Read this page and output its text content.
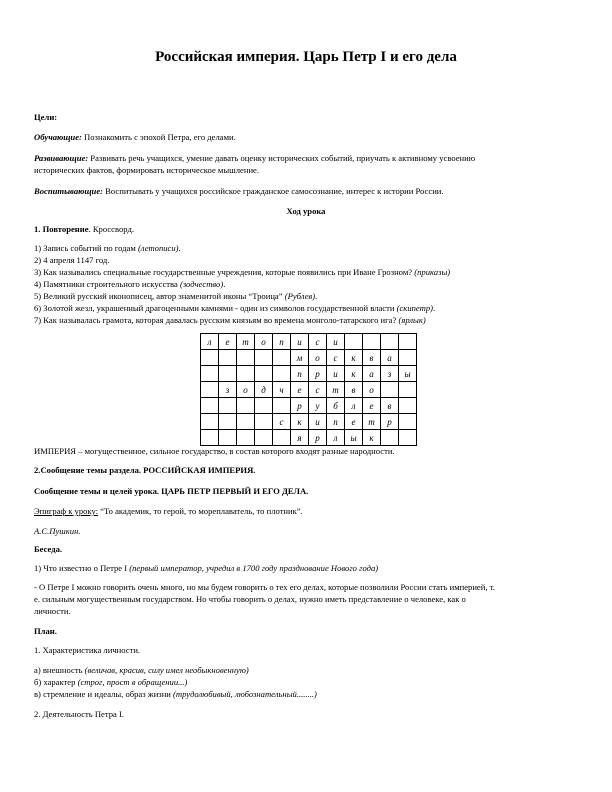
Российская империя. Царь Петр I и его дела
Цели:
Обучающие: Познакомить с эпохой Петра, его делами.
Развивающие: Развивать речь учащихся, умение давать оценку исторических событий, приучать к активному усвоению
исторических фактов, формировать историческое мышление.
Воспитывающие: Воспитывать у учащихся российское гражданское самосознание, интерес к истории России.
Ход урока
1. Повторение. Кроссворд.
1) Запись событий по годам (летописи).
2) 4 апреля 1147 год.
3) Как назывались специальные государственные учреждения, которые появились при Иване Грозном? (приказы)
4) Памятники строительного искусства (зодчество).
5) Великий русский иконописец, автор знаменитой иконы “Троица” (Рублев).
6) Золотой жезл, украшенный драгоценными камнями - один из символов государственной власти (скипетр).
7) Как называлась грамота, которая давалась русским князьям во времена монголо-татарского ига? (ярлык)
л	е	т	о	п	и	с	и				
					м	о	с	к	в	а	
					п	р	и	к	а	з	ы
	з	о	д	ч	е	с	т	в	о		
					р	у	б	л	е	в	
				с	к	и	п	е	т	р	
					я	р	л	ы	к		
ИМПЕРИЯ – могущественное, сильное государство, в состав которого входят разные народности.
2.Сообщение темы раздела. РОССИЙСКАЯ ИМПЕРИЯ.
Сообщение темы и целей урока. ЦАРЬ ПЕТР ПЕРВЫЙ И ЕГО ДЕЛА.
Эпиграф к уроку: “То академик, то герой, то мореплаватель, то плотник”.
А.С.Пушкин.
Беседа.
1) Что известно о Петре I (первый император, учредил в 1700 году празднование Нового года)
- О Петре I можно говорить очень много, но мы будем говорить о тех его делах, которые позволили России стать империей, т.
е. сильным могущественным государством. Но чтобы говорить о делах, нужно иметь представление о человеке, как о
личности.
План.
1. Характеристика личности.
а) внешность (величав, красив, силу имел необыкновенную)
б) характер (строг, прост в обращении...)
в) стремление и идеалы, образ жизни (трудолюбивый, любознательный........)
2. Деятельность Петра I.
